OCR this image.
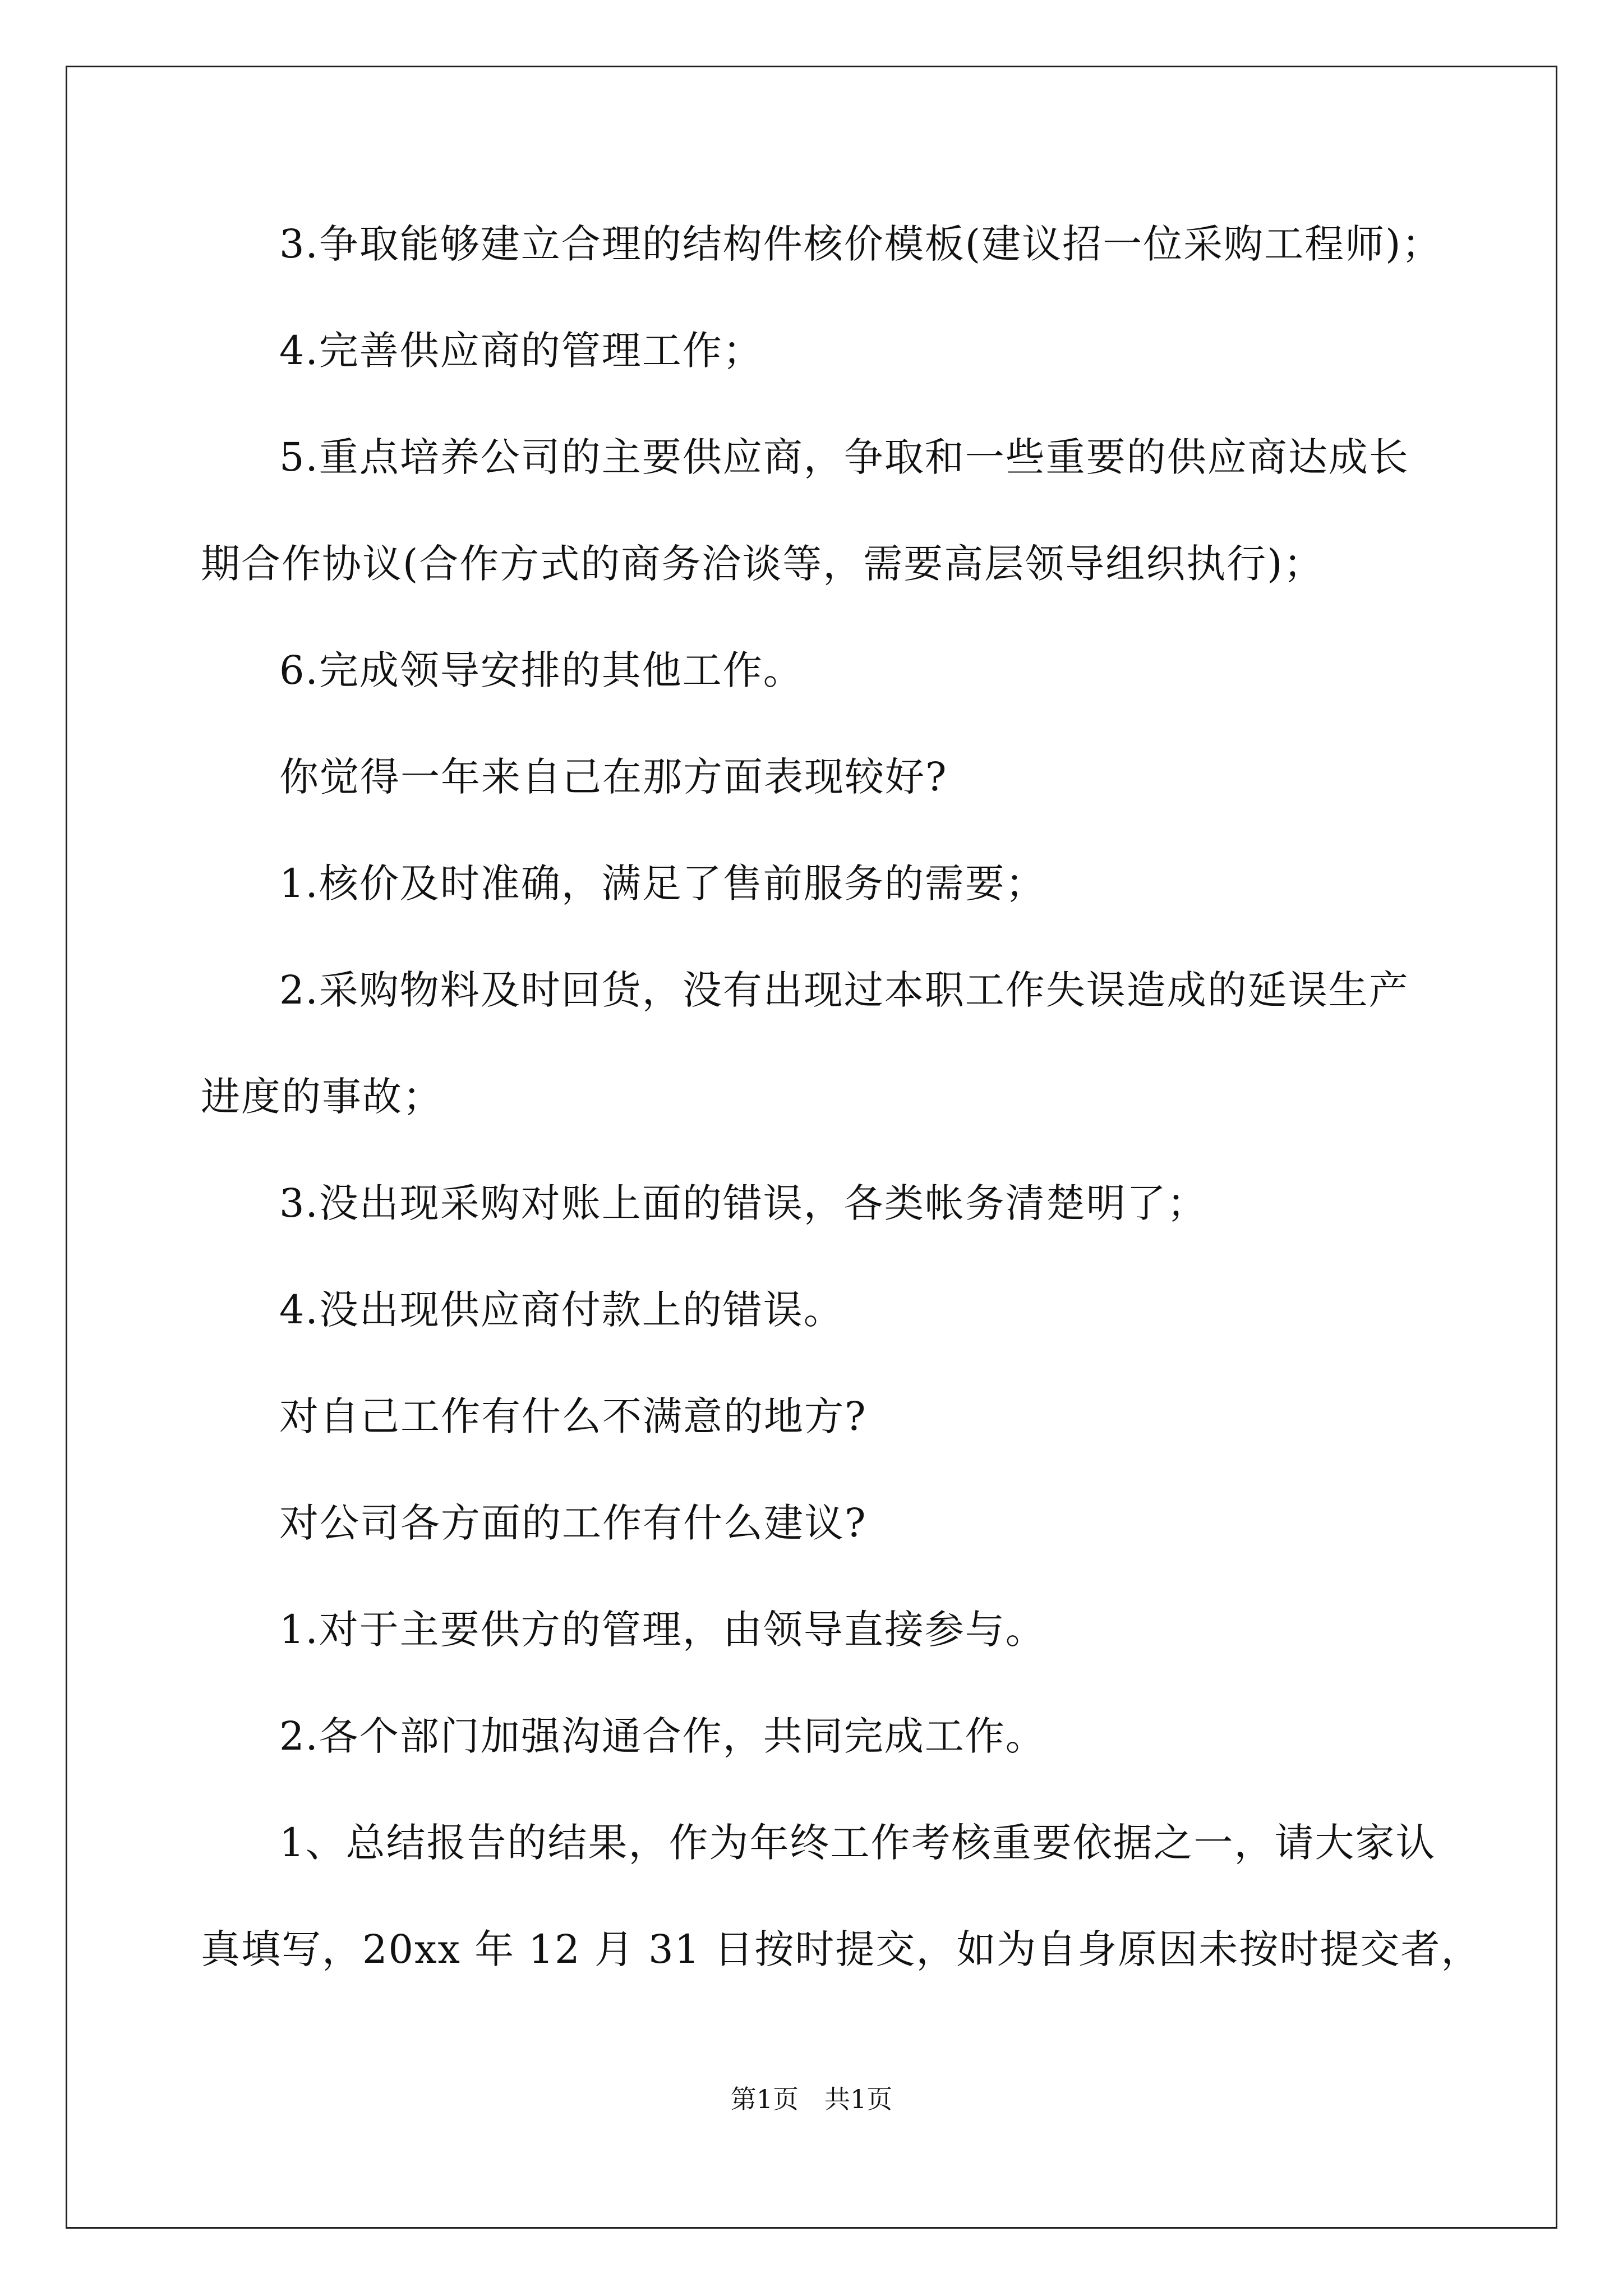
3.争取能够建立合理的结构件核价模板(建议招一位采购工程师)；

4.完善供应商的管理工作；

5.重点培养公司的主要供应商，争取和一些重要的供应商达成长

期合作协议(合作方式的商务洽谈等，需要高层领导组织执行)；

6.完成领导安排的其他工作。

你觉得一年来自己在那方面表现较好?

1.核价及时准确，满足了售前服务的需要；

2.采购物料及时回货，没有出现过本职工作失误造成的延误生产

进度的事故；

3.没出现采购对账上面的错误，各类帐务清楚明了；

4.没出现供应商付款上的错误。

对自己工作有什么不满意的地方?

对公司各方面的工作有什么建议?

1.对于主要供方的管理，由领导直接参与。

2.各个部门加强沟通合作，共同完成工作。

1、总结报告的结果，作为年终工作考核重要依据之一，请大家认

真填写，20xx 年 12 月 31 日按时提交，如为自身原因未按时提交者，

第1页　共1页
